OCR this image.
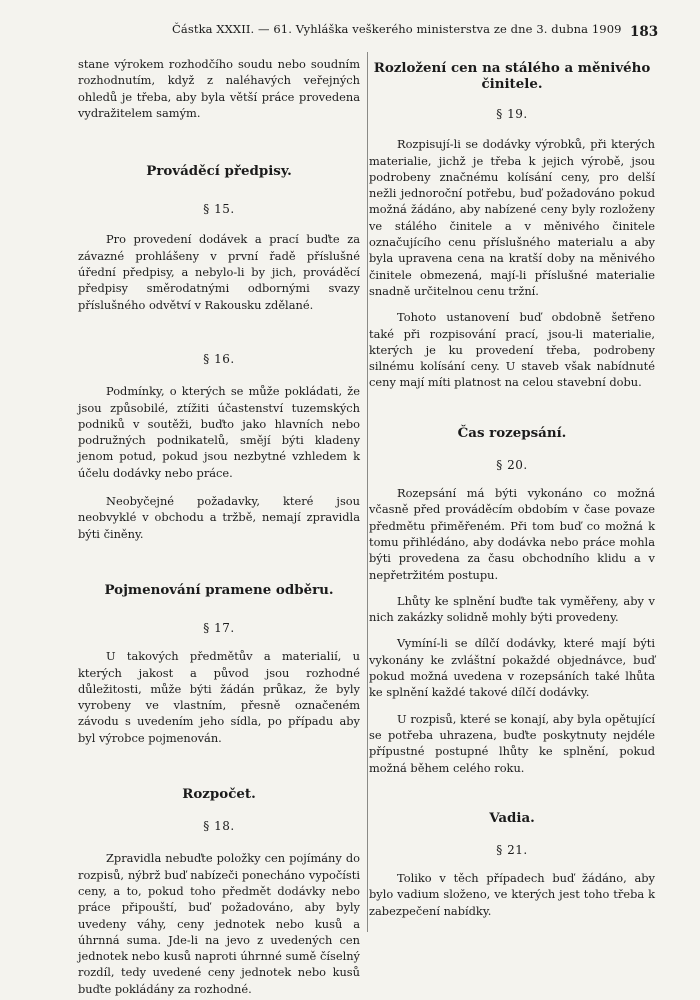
Částka XXXII. — 61. Vyhláška veškerého ministerstva ze dne 3. dubna 1909 183

stane výrokem rozhodčího soudu nebo soudním rozhodnutím, když z naléhavých veřejných ohledů je třeba, aby byla větší práce provedena vydražitelem samým.

Prováděcí předpisy.

§ 15.

Pro provedení dodávek a prací buďte za závazné prohlášeny v první řadě příslušné úřední předpisy, a nebylo-li by jich, prováděcí předpisy směrodatnými odbornými svazy příslušného odvětví v Rakousku zdělané.

§ 16.

Podmínky, o kterých se může pokládati, že jsou způsobilé, ztížiti účastenství tuzemských podniků v soutěži, buďto jako hlavních nebo podružných podnikatelů, smějí býti kladeny jenom potud, pokud jsou nezbytné vzhledem k účelu dodávky nebo práce.

Neobyčejné požadavky, které jsou neobvyklé v obchodu a tržbě, nemají zpravidla býti činěny.

Pojmenování pramene odběru.

§ 17.

U takových předmětův a materialií, u kterých jakost a původ jsou rozhodné důležitosti, může býti žádán průkaz, že byly vyrobeny ve vlastním, přesně označeném závodu s uvedením jeho sídla, po případu aby byl výrobce pojmenován.

Rozpočet.

§ 18.

Zpravidla nebuďte položky cen pojímány do rozpisů, nýbrž buď nabízeči ponecháno vypočísti ceny, a to, pokud toho předmět dodávky nebo práce připouští, buď požadováno, aby byly uvedeny váhy, ceny jednotek nebo kusů a úhrnná suma. Jde-li na jevo z uvedených cen jednotek nebo kusů naproti úhrnné sumě číselný rozdíl, tedy uvedené ceny jednotek nebo kusů buďte pokládány za rozhodné.

Rozložení cen na stálého a měnivého činitele.

§ 19.

Rozpisují-li se dodávky výrobků, při kterých materialie, jichž je třeba k jejich výrobě, jsou podrobeny značnému kolísání ceny, pro delší nežli jednoroční potřebu, buď požadováno pokud možná žádáno, aby nabízené ceny byly rozloženy ve stálého činitele a v měnivého činitele označujícího cenu příslušného materialu a aby byla upravena cena na kratší doby na měnivého činitele obmezená, mají-li příslušné materialie snadně určitelnou cenu tržní.

Tohoto ustanovení buď obdobně šetřeno také při rozpisování prací, jsou-li materialie, kterých je ku provedení třeba, podrobeny silnému kolísání ceny. U staveb však nabídnuté ceny mají míti platnost na celou stavební dobu.

Čas rozepsání.

§ 20.

Rozepsání má býti vykonáno co možná včasně před prováděcím obdobím v čase povaze předmětu přiměřeném. Při tom buď co možná k tomu přihlédáno, aby dodávka nebo práce mohla býti provedena za času obchodního klidu a v nepřetržitém postupu.

Lhůty ke splnění buďte tak vyměřeny, aby v nich zakázky solidně mohly býti provedeny.

Vymíní-li se dílčí dodávky, které mají býti vykonány ke zvláštní pokaždé objednávce, buď pokud možná uvedena v rozepsáních také lhůta ke splnění každé takové dílčí dodávky.

U rozpisů, které se konají, aby byla opětující se potřeba uhrazena, buďte poskytnuty nejdéle přípustné postupné lhůty ke splnění, pokud možná během celého roku.

Vadia.

§ 21.

Toliko v těch případech buď žádáno, aby bylo vadium složeno, ve kterých jest toho třeba k zabezpečení nabídky.
